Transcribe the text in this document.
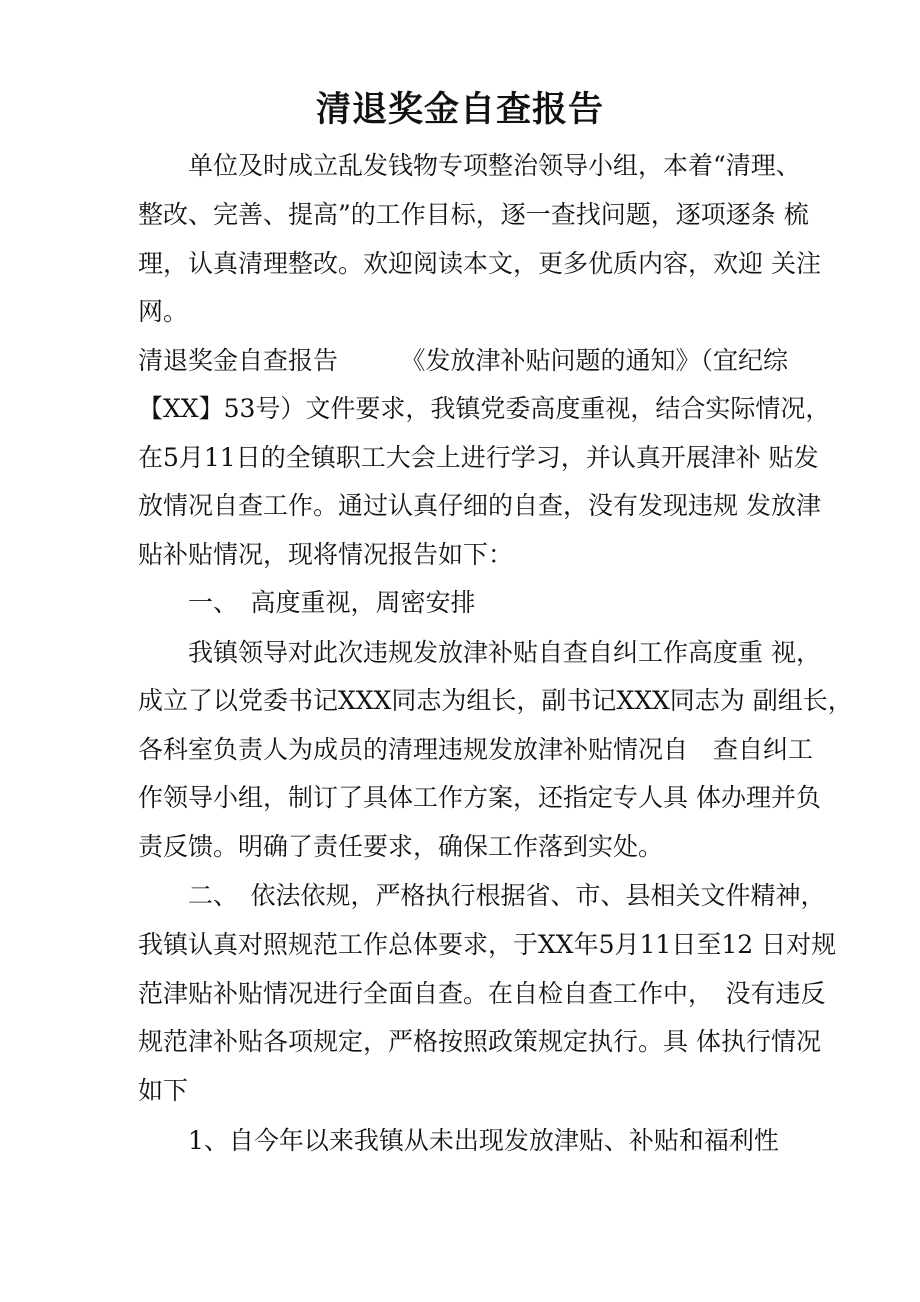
清退奖金自查报告

　　单位及时成立乱发钱物专项整治领导小组，本着“清理、

整改、完善、提高”的工作目标，逐一查找问题，逐项逐条 梳

理，认真清理整改。欢迎阅读本文，更多优质内容，欢迎 关注

网。

清退奖金自查报告　　　《发放津补贴问题的通知》（宜纪综

【XX】53号）文件要求，我镇党委高度重视，结合实际情况，

在5月11日的全镇职工大会上进行学习，并认真开展津补 贴发

放情况自查工作。通过认真仔细的自查，没有发现违规 发放津

贴补贴情况，现将情况报告如下：

　　一、　高度重视，周密安排

　　我镇领导对此次违规发放津补贴自查自纠工作高度重 视，

成立了以党委书记XXX同志为组长，副书记XXX同志为 副组长，

各科室负责人为成员的清理违规发放津补贴情况自　查自纠工

作领导小组，制订了具体工作方案，还指定专人具 体办理并负

责反馈。明确了责任要求，确保工作落到实处。

　　二、　依法依规，严格执行根据省、市、县相关文件精神，

我镇认真对照规范工作总体要求，于XX年5月11日至12 日对规

范津贴补贴情况进行全面自查。在自检自查工作中，　没有违反

规范津补贴各项规定，严格按照政策规定执行。具 体执行情况

如下

　　1、自今年以来我镇从未出现发放津贴、补贴和福利性
